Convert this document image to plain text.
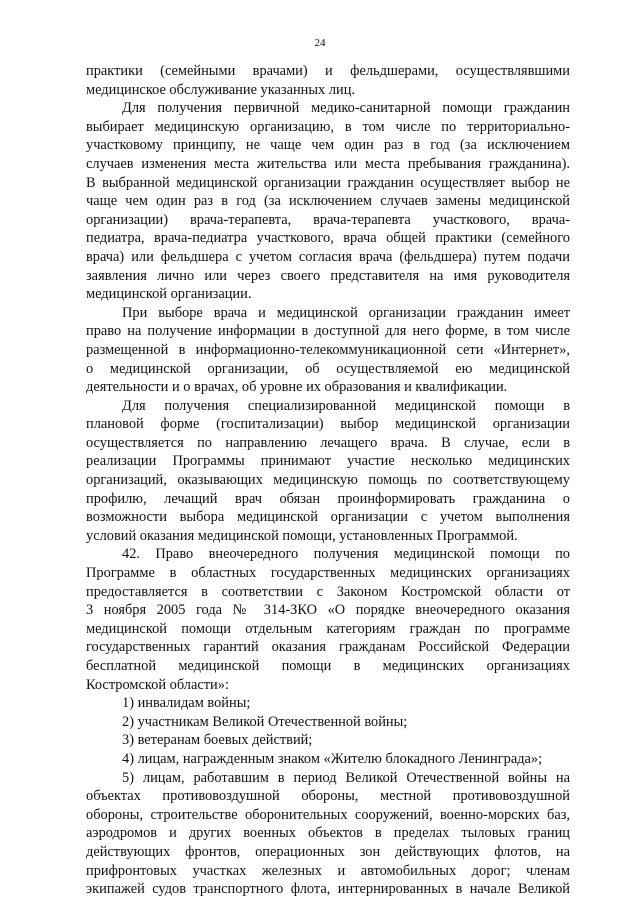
24
практики (семейными врачами) и фельдшерами, осуществлявшими
медицинское обслуживание указанных лиц.
Для получения первичной медико-санитарной помощи гражданин
выбирает медицинскую организацию, в том числе по территориально-
участковому принципу, не чаще чем один раз в год (за исключением
случаев изменения места жительства или места пребывания гражданина).
В выбранной медицинской организации гражданин осуществляет выбор не
чаще чем один раз в год (за исключением случаев замены медицинской
организации) врача-терапевта, врача-терапевта участкового, врача-
педиатра, врача-педиатра участкового, врача общей практики (семейного
врача) или фельдшера с учетом согласия врача (фельдшера) путем подачи
заявления лично или через своего представителя на имя руководителя
медицинской организации.
При выборе врача и медицинской организации гражданин имеет
право на получение информации в доступной для него форме, в том числе
размещенной в информационно-телекоммуникационной сети «Интернет»,
о медицинской организации, об осуществляемой ею медицинской
деятельности и о врачах, об уровне их образования и квалификации.
Для получения специализированной медицинской помощи в
плановой форме (госпитализации) выбор медицинской организации
осуществляется по направлению лечащего врача. В случае, если в
реализации Программы принимают участие несколько медицинских
организаций, оказывающих медицинскую помощь по соответствующему
профилю, лечащий врач обязан проинформировать гражданина о
возможности выбора медицинской организации с учетом выполнения
условий оказания медицинской помощи, установленных Программой.
42. Право внеочередного получения медицинской помощи по
Программе в областных государственных медицинских организациях
предоставляется в соответствии с Законом Костромской области от
3 ноября 2005 года № 314-ЗКО «О порядке внеочередного оказания
медицинской помощи отдельным категориям граждан по программе
государственных гарантий оказания гражданам Российской Федерации
бесплатной медицинской помощи в медицинских организациях
Костромской области»:
1) инвалидам войны;
2) участникам Великой Отечественной войны;
3) ветеранам боевых действий;
4) лицам, награжденным знаком «Жителю блокадного Ленинграда»;
5) лицам, работавшим в период Великой Отечественной войны на
объектах противовоздушной обороны, местной противовоздушной
обороны, строительстве оборонительных сооружений, военно-морских баз,
аэродромов и других военных объектов в пределах тыловых границ
действующих фронтов, операционных зон действующих флотов, на
прифронтовых участках железных и автомобильных дорог; членам
экипажей судов транспортного флота, интернированных в начале Великой
